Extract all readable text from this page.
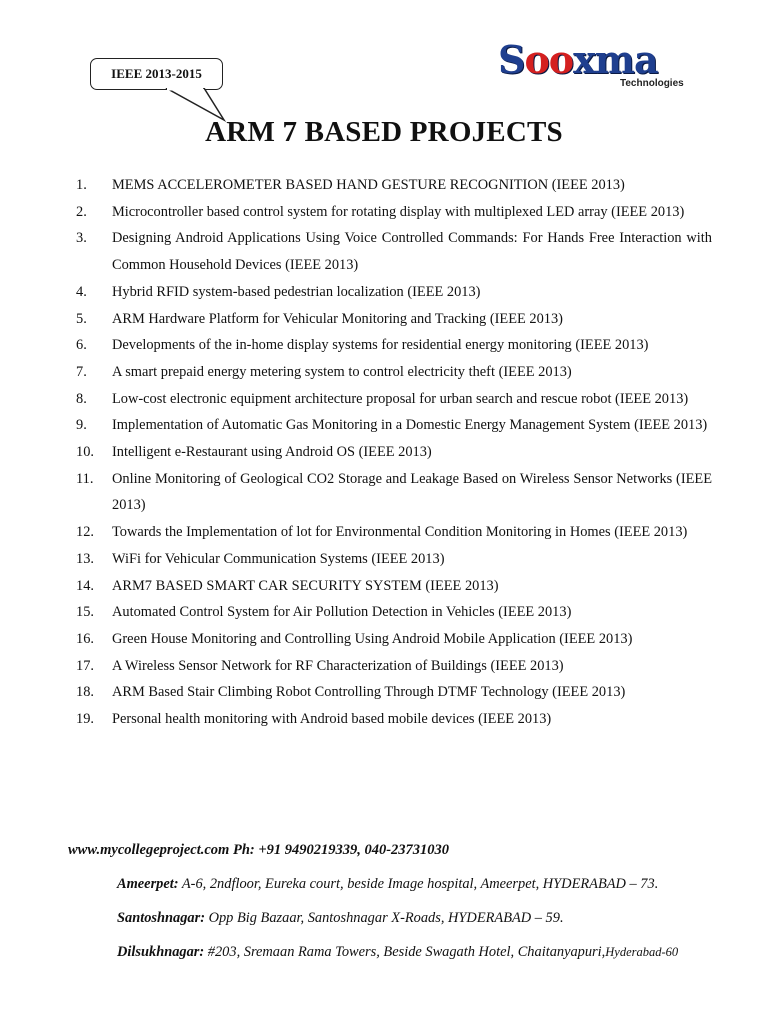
IEEE 2013-2015	Sooxma
Technologies
ARM 7 BASED PROJECTS
1.	MEMS ACCELEROMETER BASED HAND GESTURE RECOGNITION (IEEE 2013)
2.	Microcontroller based control system for rotating display with multiplexed LED array (IEEE 2013)
3.	Designing Android Applications Using Voice Controlled Commands: For Hands Free Interaction with Common Household Devices (IEEE 2013)
4.	Hybrid RFID system-based pedestrian localization (IEEE 2013)
5.	ARM Hardware Platform for Vehicular Monitoring and Tracking (IEEE 2013)
6.	Developments of the in-home display systems for residential energy monitoring (IEEE 2013)
7.	A smart prepaid energy metering system to control electricity theft (IEEE 2013)
8.	Low-cost electronic equipment architecture proposal for urban search and rescue robot (IEEE 2013)
9.	Implementation of Automatic Gas Monitoring in a Domestic Energy Management System (IEEE 2013)
10.	Intelligent e-Restaurant using Android OS (IEEE 2013)
11.	Online Monitoring of Geological CO2 Storage and Leakage Based on Wireless Sensor Networks (IEEE 2013)
12.	Towards the Implementation of lot for Environmental Condition Monitoring in Homes (IEEE 2013)
13.	WiFi for Vehicular Communication Systems (IEEE 2013)
14.	ARM7 BASED SMART CAR SECURITY SYSTEM (IEEE 2013)
15.	Automated Control System for Air Pollution Detection in Vehicles (IEEE 2013)
16.	Green House Monitoring and Controlling Using Android Mobile Application (IEEE 2013)
17.	A Wireless Sensor Network for RF Characterization of Buildings (IEEE 2013)
18.	ARM Based Stair Climbing Robot Controlling Through DTMF Technology (IEEE 2013)
19.	Personal health monitoring with Android based mobile devices (IEEE 2013)
www.mycollegeproject.com Ph: +91 9490219339, 040-23731030
Ameerpet: A-6, 2ndfloor, Eureka court, beside Image hospital, Ameerpet, HYDERABAD – 73.
Santoshnagar: Opp Big Bazaar, Santoshnagar X-Roads, HYDERABAD – 59.
Dilsukhnagar: #203, Sremaan Rama Towers, Beside Swagath Hotel, Chaitanyapuri,Hyderabad-60
